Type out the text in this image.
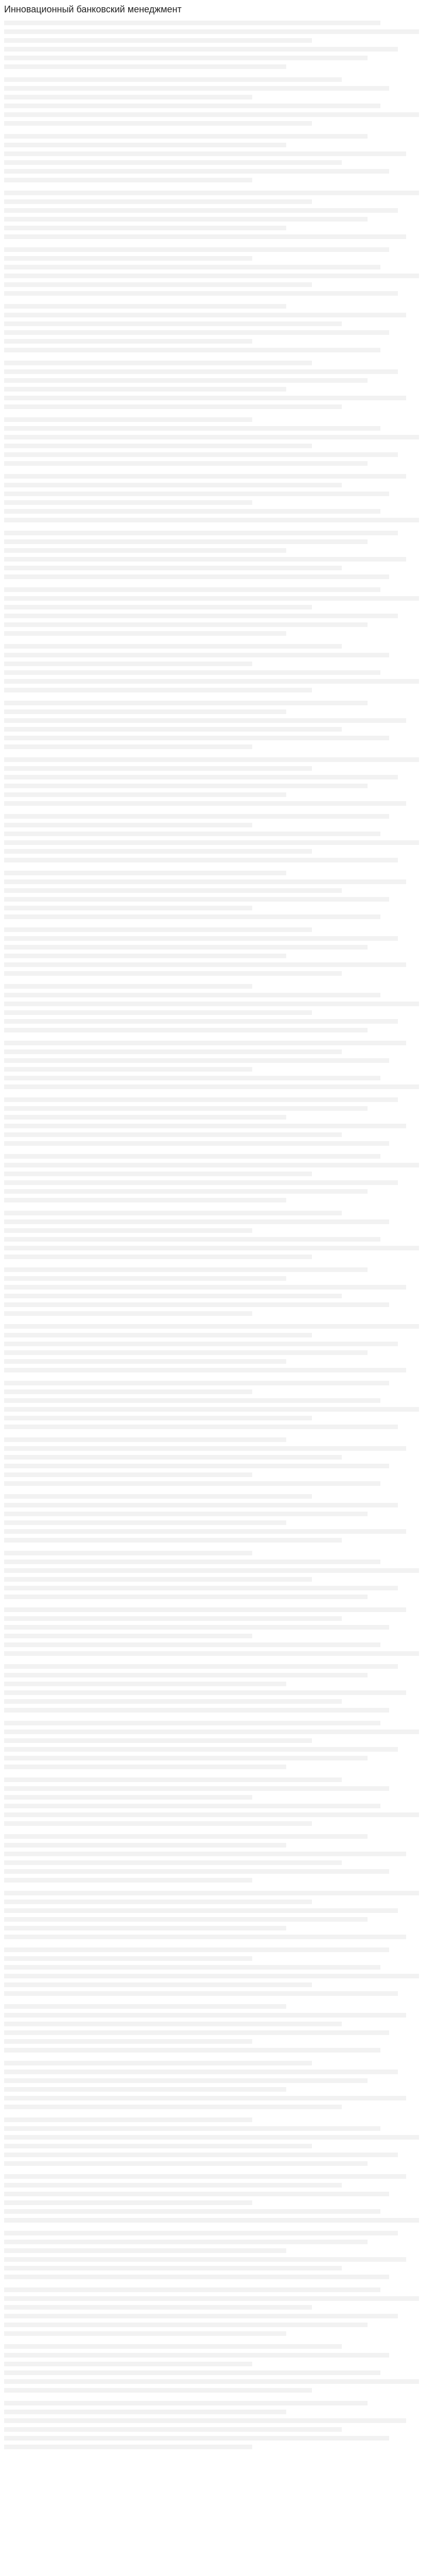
Инновационный банковский менеджмент
